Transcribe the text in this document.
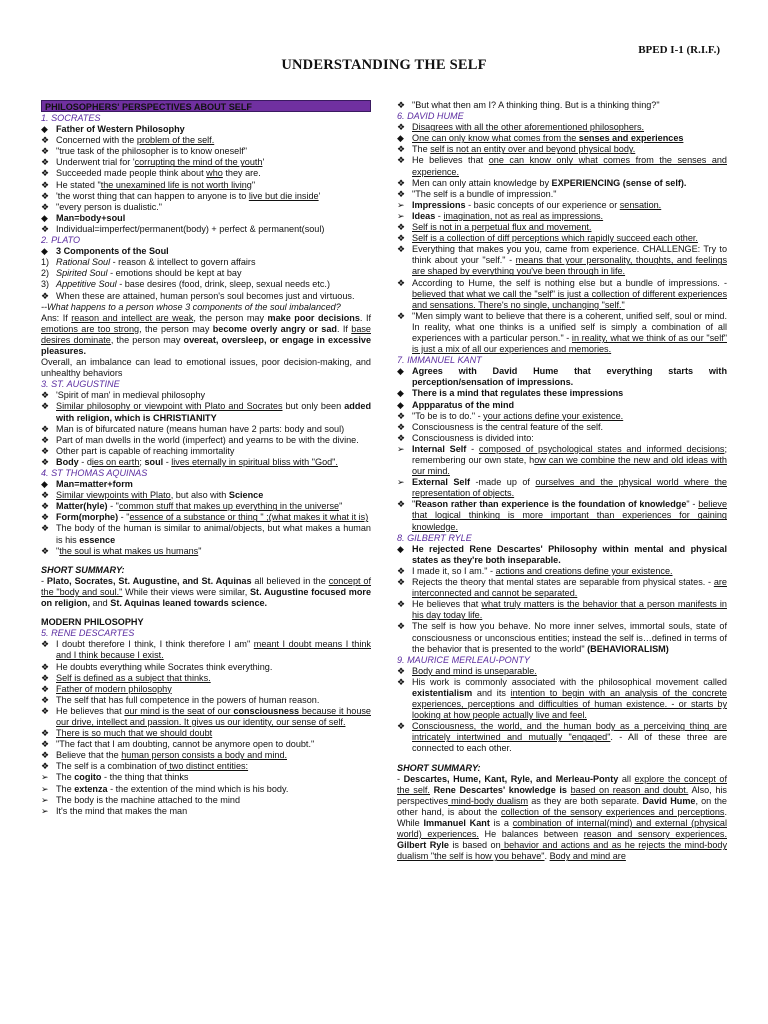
BPED I-1 (R.I.F.)
UNDERSTANDING THE SELF
PHILOSOPHERS' PERSPECTIVES ABOUT SELF
1. SOCRATES
◆ Father of Western Philosophy
❖ Concerned with the problem of the self.
❖ "true task of the philosopher is to know oneself"
❖ Underwent trial for 'corrupting the mind of the youth'
❖ Succeeded made people think about who they are.
❖ He stated "the unexamined life is not worth living"
❖ 'the worst thing that can happen to anyone is to live but die inside'
❖ "every person is dualistic."
◆ Man=body+soul
❖ Individual=imperfect/permanent(body) + perfect & permanent(soul)
2. PLATO
◆ 3 Components of the Soul
1) Rational Soul - reason & intellect to govern affairs
2) Spirited Soul - emotions should be kept at bay
3) Appetitive Soul - base desires (food, drink, sleep, sexual needs etc.)
❖ When these are attained, human person's soul becomes just and virtuous.
--What happens to a person whose 3 components of the soul imbalanced?
Ans: If reason and intellect are weak, the person may make poor decisions. If emotions are too strong, the person may become overly angry or sad. If base desires dominate, the person may overeat, oversleep, or engage in excessive pleasures.
Overall, an imbalance can lead to emotional issues, poor decision-making, and unhealthy behaviors
3. ST. AUGUSTINE
❖ 'Spirit of man' in medieval philosophy
❖ Similar philosophy or viewpoint with Plato and Socrates but only been added with religion, which is CHRISTIANITY
❖ Man is of bifurcated nature (means human have 2 parts: body and soul)
❖ Part of man dwells in the world (imperfect) and yearns to be with the divine.
❖ Other part is capable of reaching immortality
❖ Body - dies on earth; soul - lives eternally in spiritual bliss with "God".
4. ST THOMAS AQUINAS
◆ Man=matter+form
❖ Similar viewpoints with Plato, but also with Science
❖ Matter(hyle) - "common stuff that makes up everything in the universe"
❖ Form(morphe) - "essence of a substance or thing " ;(what makes it what it is)
❖ The body of the human is similar to animal/objects, but what makes a human is his essence
❖ "the soul is what makes us humans"
SHORT SUMMARY:
- Plato, Socrates, St. Augustine, and St. Aquinas all believed in the concept of the "body and soul." While their views were similar, St. Augustine focused more on religion, and St. Aquinas leaned towards science.
MODERN PHILOSOPHY
5. RENE DESCARTES
❖ I doubt therefore I think, I think therefore I am" meant I doubt means I think and I think because I exist.
❖ He doubts everything while Socrates think everything.
❖ Self is defined as a subject that thinks.
❖ Father of modern philosophy
❖ The self that has full competence in the powers of human reason.
❖ He believes that our mind is the seat of our consciousness because it house our drive, intellect and passion. It gives us our identity, our sense of self.
❖ There is so much that we should doubt
❖ "The fact that I am doubting, cannot be anymore open to doubt."
❖ Believe that the human person consists a body and mind.
❖ The self is a combination of two distinct entities:
➢ The cogito - the thing that thinks
➢ The extenza - the extention of the mind which is his body.
➢ The body is the machine attached to the mind
➢ It's the mind that makes the man
❖ "But what then am I? A thinking thing. But is a thinking thing?"
6. DAVID HUME
❖ Disagrees with all the other aforementioned philosophers.
◆ One can only know what comes from the senses and experiences
❖ The self is not an entity over and beyond physical body.
❖ He believes that one can know only what comes from the senses and experience.
❖ Men can only attain knowledge by EXPERIENCING (sense of self).
❖ "The self is a bundle of impression."
➢ Impressions - basic concepts of our experience or sensation.
➢ Ideas - imagination, not as real as impressions.
❖ Self is not in a perpetual flux and movement.
❖ Self is a collection of diff perceptions which rapidly succeed each other.
❖ Everything that makes you you, came from experience. CHALLENGE: Try to think about your "self." - means that your personality, thoughts, and feelings are shaped by everything you've been through in life.
❖ According to Hume, the self is nothing else but a bundle of impressions. - believed that what we call the "self" is just a collection of different experiences and sensations. There's no single, unchanging "self."
❖ "Men simply want to believe that there is a coherent, unified self, soul or mind. In reality, what one thinks is a unified self is simply a combination of all experiences with a particular person." - in reality, what we think of as our "self" is just a mix of all our experiences and memories.
7. IMMANUEL KANT
◆ Agrees with David Hume that everything starts with perception/sensation of impressions.
◆ There is a mind that regulates these impressions
◆ Appparatus of the mind
❖ "To be is to do." - your actions define your existence.
❖ Consciousness is the central feature of the self.
❖ Consciousness is divided into:
➢ Internal Self - composed of psychological states and informed decisions; remembering our own state, how can we combine the new and old ideas with our mind.
➢ External Self -made up of ourselves and the physical world where the representation of objects.
❖ "Reason rather than experience is the foundation of knowledge" - believe that logical thinking is more important than experiences for gaining knowledge.
8. GILBERT RYLE
◆ He rejected Rene Descartes' Philosophy within mental and physical states as they're both inseparable.
❖ I made it, so I am." - actions and creations define your existence.
❖ Rejects the theory that mental states are separable from physical states. - are interconnected and cannot be separated.
❖ He believes that what truly matters is the behavior that a person manifests in his day today life.
❖ The self is how you behave. No more inner selves, immortal souls, state of consciousness or unconscious entities; instead the self is…defined in terms of the behavior that is presented to the world" (BEHAVIORALISM)
9. MAURICE MERLEAU-PONTY
❖ Body and mind is unseparable.
❖ His work is commonly associated with the philosophical movement called existentialism and its intention to begin with an analysis of the concrete experiences, perceptions and difficulties of human existence. - or starts by looking at how people actually live and feel.
❖ Consciousness, the world, and the human body as a perceiving thing are intricately intertwined and mutually "engaged". - All of these three are connected to each other.
SHORT SUMMARY:
- Descartes, Hume, Kant, Ryle, and Merleau-Ponty all explore the concept of the self. Rene Descartes' knowledge is based on reason and doubt. Also, his perspectives mind-body dualism as they are both separate. David Hume, on the other hand, is about the collection of the sensory experiences and perceptions. While Immanuel Kant is a combination of internal(mind) and external (physical world) experiences. He balances between reason and sensory experiences. Gilbert Ryle is based on behavior and actions and as he rejects the mind-body dualism "the self is how you behave". Body and mind are
